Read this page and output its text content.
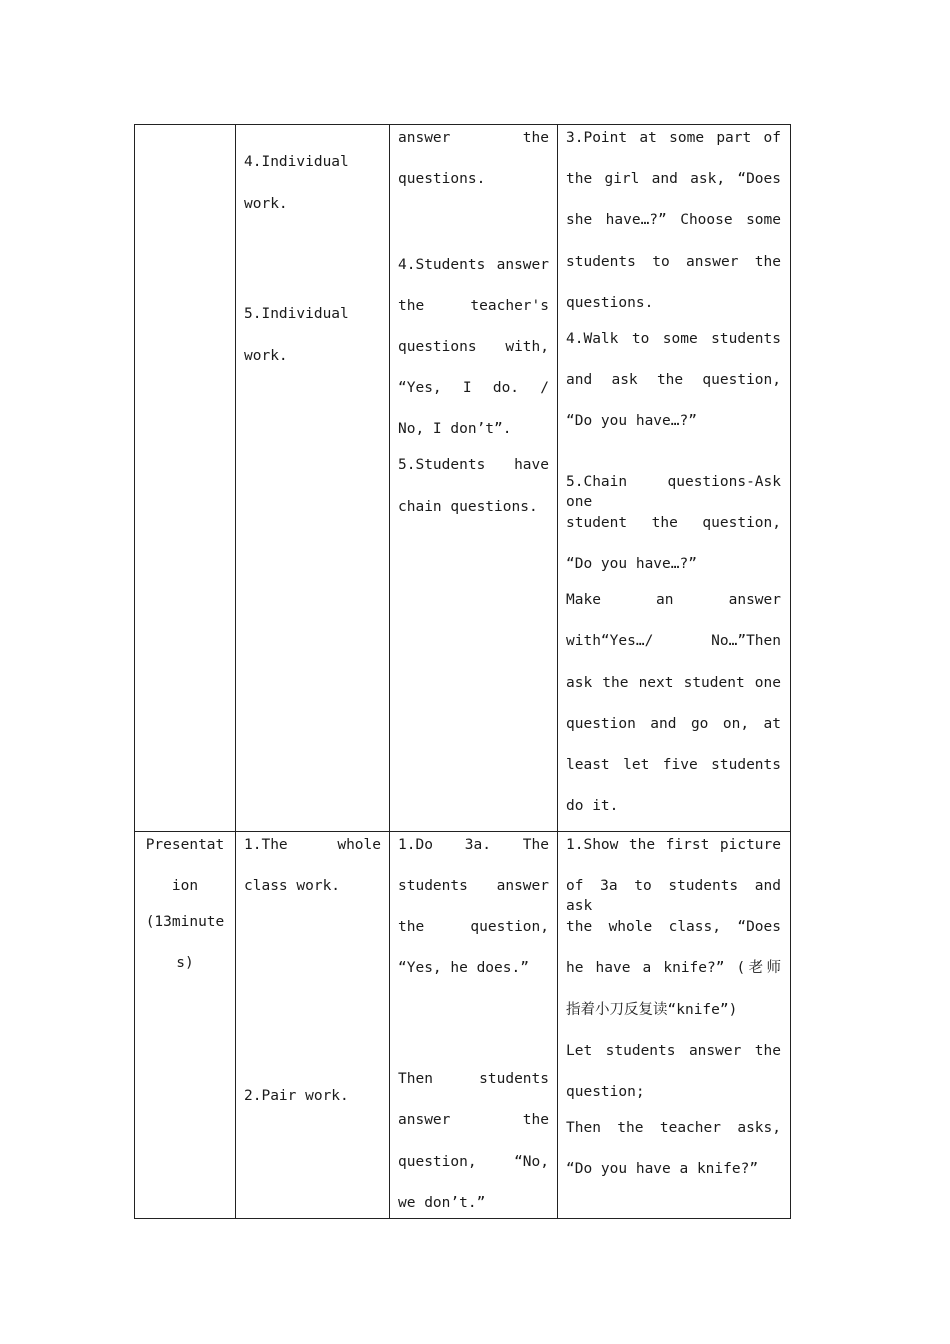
4.Individual
work.
5.Individual
work.
answer the
questions.
4.Students answer
the teacher's
questions with,
“Yes, I do. /
No, I don’t”.
5.Students have
chain questions.
3.Point at some part of
the girl and ask, “Does
she have…?” Choose some
students to answer the
questions.
4.Walk to some students
and ask the question,
“Do you have…?”
5.Chain questions-Ask one
student the question,
“Do you have…?”
Make an answer
with“Yes…/ No…”Then
ask the next student one
question and go on, at
least let five students
do it.
Presentat
ion
(13minute
s)
1.The whole
class work.
2.Pair work.
1.Do 3a. The
students answer
the question,
“Yes, he does.”
Then students
answer the
question, “No,
we don’t.”
1.Show the first picture
of 3a to students and ask
the whole class, “Does
he have a knife?” (老师
指着小刀反复读“knife”)
Let students answer the
question;
Then the teacher asks,
“Do you have a knife?”
